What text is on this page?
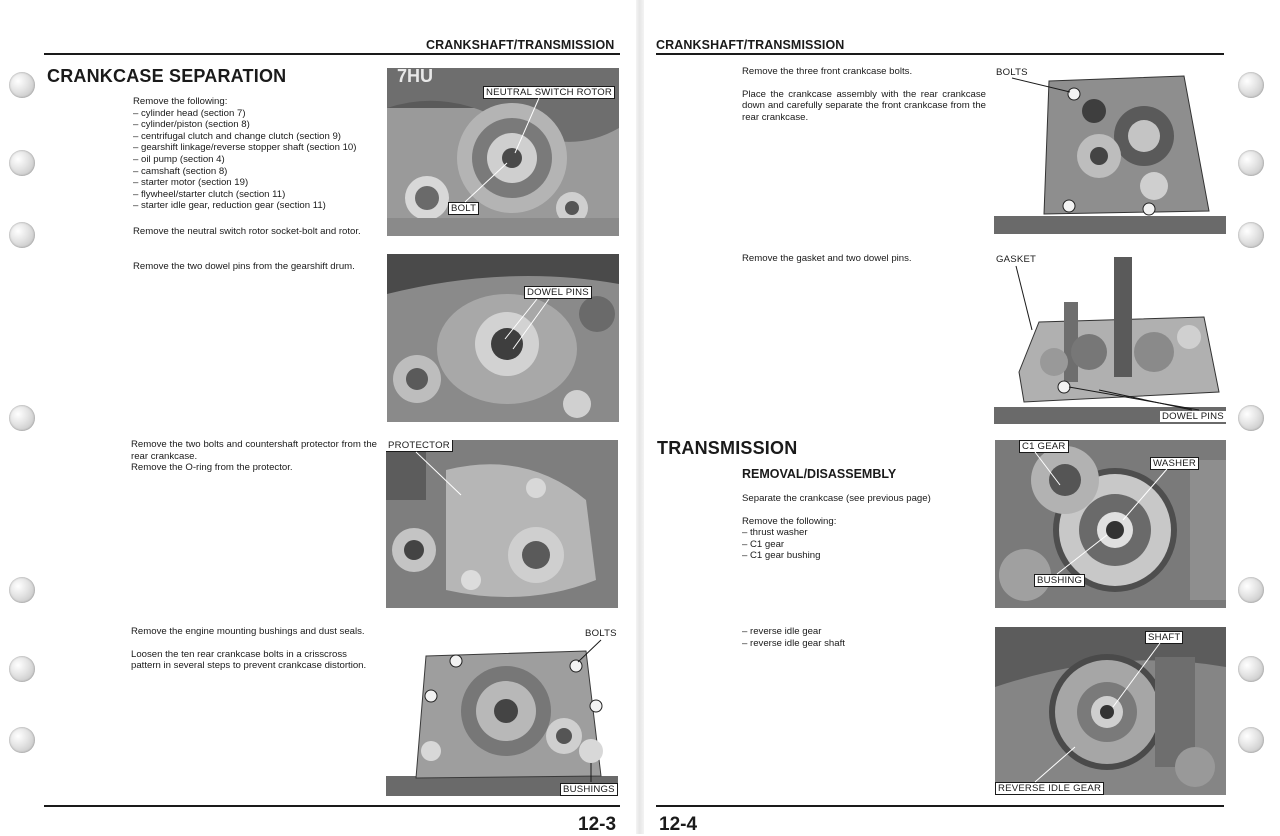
CRANKSHAFT/TRANSMISSION
CRANKCASE SEPARATION

Remove the following:

– cylinder head (section 7)
– cylinder/piston (section 8)
– centrifugal clutch and change clutch (section 9)
– gearshift linkage/reverse stopper shaft (section 10)
– oil pump (section 4)
– camshaft (section 8)
– starter motor (section 19)
– flywheel/starter clutch (section 11)
– starter idle gear, reduction gear (section 11)

Remove the neutral switch rotor socket-bolt and rotor.

Remove the two dowel pins from the gearshift drum.

Remove the two bolts and countershaft protector from the rear crankcase.

Remove the O-ring from the protector.

Remove the engine mounting bushings and dust seals.

Loosen the ten rear crankcase bolts in a crisscross pattern in several steps to prevent crankcase distortion.

7HU
NEUTRAL SWITCH ROTOR
BOLT
DOWEL PINS
PROTECTOR
BOLTS
BUSHINGS
12-3
CRANKSHAFT/TRANSMISSION

Remove the three front crankcase bolts.

Place the crankcase assembly with the rear crankcase down and carefully separate the front crankcase from the rear crankcase.

Remove the gasket and two dowel pins.

TRANSMISSION
REMOVAL/DISASSEMBLY

Separate the crankcase (see previous page)

Remove the following:

– thrust washer
– C1 gear
– C1 gear bushing
– reverse idle gear
– reverse idle gear shaft
BOLTS
GASKET
DOWEL PINS
C1 GEAR
WASHER
BUSHING
SHAFT
REVERSE IDLE GEAR
12-4
